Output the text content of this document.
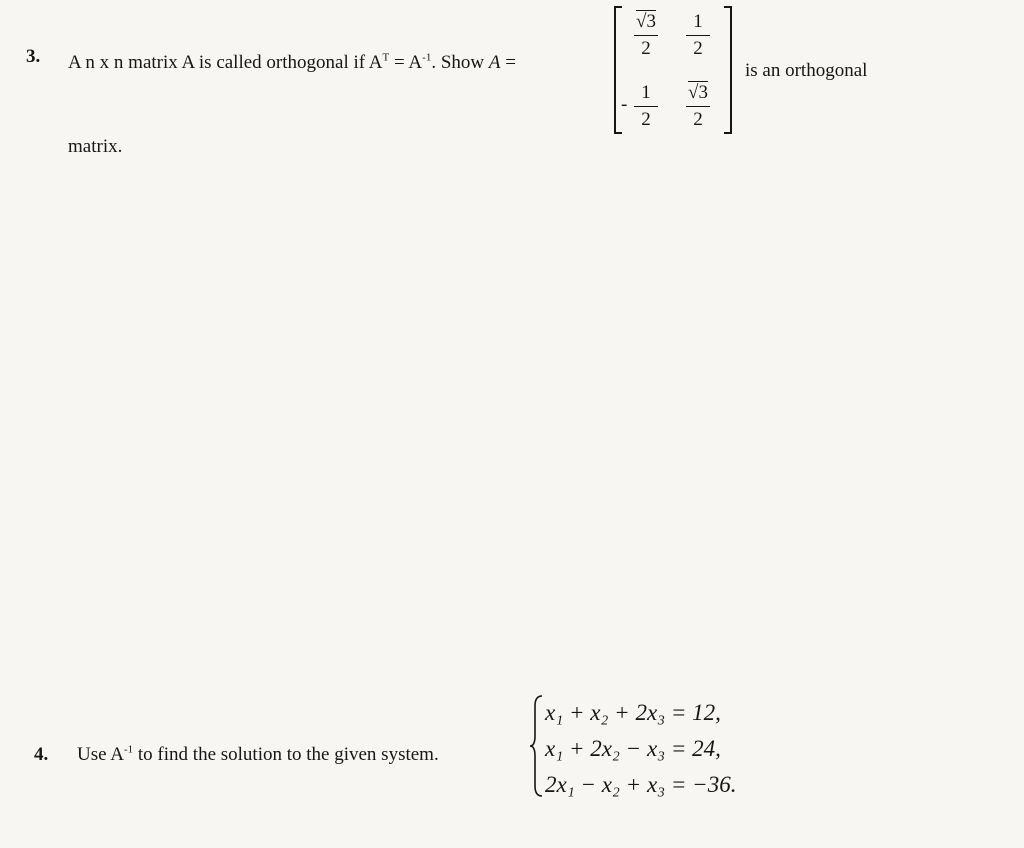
3. A n x n matrix A is called orthogonal if $A^T = A^{-1}$. Show A =
√3
2
1
2
-
1
2
√3
2
is an orthogonal
matrix.
4. Use $A^{-1}$ to find the solution to the given system.
x₁ + x₂ + 2x₃ = 12,
x₁ + 2x₂ − x₃ = 24,
2x₁ − x₂ + x₃ = −36.
